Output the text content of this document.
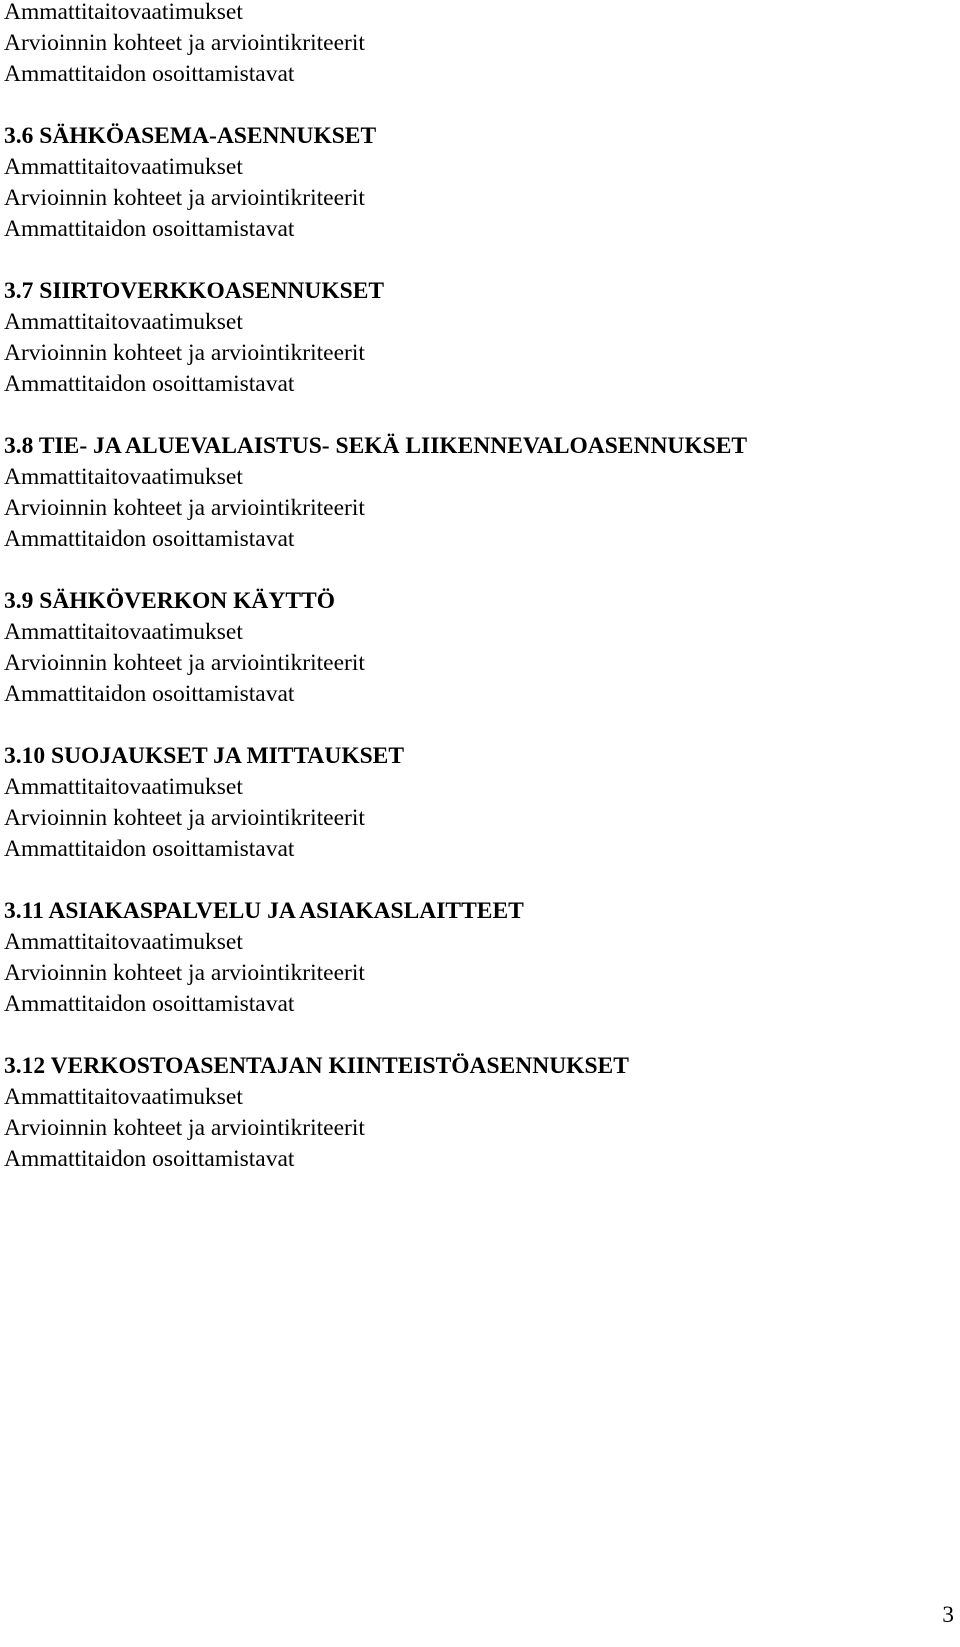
Ammattitaitovaatimukset
Arvioinnin kohteet ja arviointikriteerit
Ammattitaidon osoittamistavat
3.6 SÄHKÖASEMA-ASENNUKSET
Ammattitaitovaatimukset
Arvioinnin kohteet ja arviointikriteerit
Ammattitaidon osoittamistavat
3.7 SIIRTOVERKKOASENNUKSET
Ammattitaitovaatimukset
Arvioinnin kohteet ja arviointikriteerit
Ammattitaidon osoittamistavat
3.8 TIE- JA ALUEVALAISTUS- SEKÄ LIIKENNEVALOASENNUKSET
Ammattitaitovaatimukset
Arvioinnin kohteet ja arviointikriteerit
Ammattitaidon osoittamistavat
3.9 SÄHKÖVERKON KÄYTTÖ
Ammattitaitovaatimukset
Arvioinnin kohteet ja arviointikriteerit
Ammattitaidon osoittamistavat
3.10 SUOJAUKSET JA MITTAUKSET
Ammattitaitovaatimukset
Arvioinnin kohteet ja arviointikriteerit
Ammattitaidon osoittamistavat
3.11 ASIAKASPALVELU JA ASIAKASLAITTEET
Ammattitaitovaatimukset
Arvioinnin kohteet ja arviointikriteerit
Ammattitaidon osoittamistavat
3.12 VERKOSTOASENTAJAN KIINTEISTÖASENNUKSET
Ammattitaitovaatimukset
Arvioinnin kohteet ja arviointikriteerit
Ammattitaidon osoittamistavat
3
